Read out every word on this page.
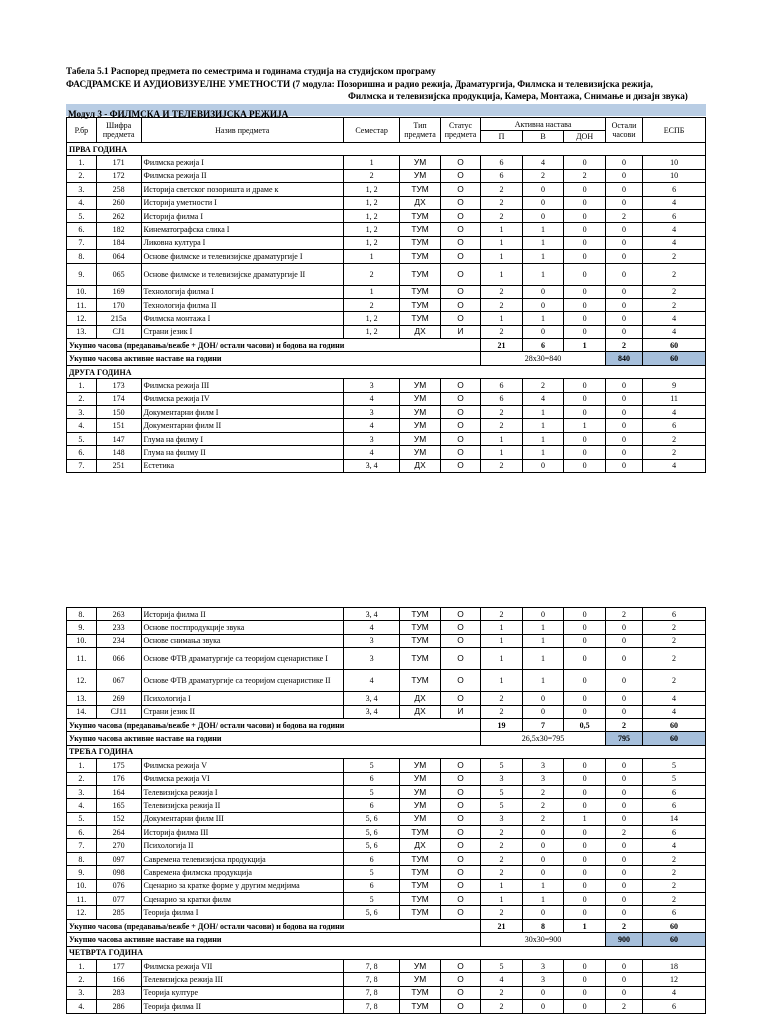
Табела 5.1 Распоред предмета по семестрима и годинама студија на студијском програму
ФАСДРАМСКЕ И АУДИОВИЗУЕЛНЕ УМЕТНОСТИ (7 модула: Позоришна и радио режија, Драматургија, Филмска и телевизијска режија,
Филмска и телевизијска продукција, Камера, Монтажа, Снимање и дизајн звука)
Модул 3 - ФИЛМСКА И ТЕЛЕВИЗИЈСКА РЕЖИЈА
Р.бр	Шифра предмета	Назив предмета	Семестар	Тип предмета	Статус предмета	Активна настава			Остали часови	ЕСПБ
						П	В	ДОН		
ПРВА ГОДИНА										
1.	171	Филмска режија I	1	УМ	О	6	4	0	0	10
2.	172	Филмска режија II	2	УМ	О	6	2	2	0	10
3.	258	Историја светског позоришта и драме к	1, 2	ТУМ	О	2	0	0	0	6
4.	260	Историја уметности I	1, 2	ДХ	О	2	0	0	0	4
5.	262	Историја филма I	1, 2	ТУМ	О	2	0	0	2	6
6.	182	Кинематографска слика I	1, 2	ТУМ	О	1	1	0	0	4
7.	184	Ликовна култура I	1, 2	ТУМ	О	1	1	0	0	4
8.	064	Основе филмске и телевизијске драматургије I	1	ТУМ	О	1	1	0	0	2
9.	065	Основе филмске и телевизијске драматургије II	2	ТУМ	О	1	1	0	0	2
10.	169	Технологија филма I	1	ТУМ	О	2	0	0	0	2
11.	170	Технологија филма II	2	ТУМ	О	2	0	0	0	2
12.	215а	Филмска монтажа I	1, 2	ТУМ	О	1	1	0	0	4
13.	СЈ1	Страни језик I	1, 2	ДХ	И	2	0	0	0	4
Укупно часова (предавања/вежбе + ДОН/ остали часови) и бодова на години						21	6	1	2	60
Укупно часова активне наставе на години						28x30=840			840	60
ДРУГА ГОДИНА										
1.	173	Филмска режија III	3	УМ	О	6	2	0	0	9
2.	174	Филмска режија IV	4	УМ	О	6	4	0	0	11
3.	150	Документарни филм I	3	УМ	О	2	1	0	0	4
4.	151	Документарни филм II	4	УМ	О	2	1	1	0	6
5.	147	Глума на филму I	3	УМ	О	1	1	0	0	2
6.	148	Глума на филму II	4	УМ	О	1	1	0	0	2
7.	251	Естетика	3, 4	ДХ	О	2	0	0	0	4
8.	263	Историја филма II	3, 4	ТУМ	О	2	0	0	2	6
9.	233	Основе постпродукције звука	4	ТУМ	О	1	1	0	0	2
10.	234	Основе снимања звука	3	ТУМ	О	1	1	0	0	2
11.	066	Основе ФТВ драматургије са теоријом сценаристике I	3	ТУМ	О	1	1	0	0	2
12.	067	Основе ФТВ драматургије са теоријом сценаристике II	4	ТУМ	О	1	1	0	0	2
13.	269	Психологија I	3, 4	ДХ	О	2	0	0	0	4
14.	СЈ11	Страни језик II	3, 4	ДХ	И	2	0	0	0	4
Укупно часова (предавања/вежбе + ДОН/ остали часови) и бодова на години						19	7	0,5	2	60
Укупно часова активне наставе на години						26,5x30=795			795	60
ТРЕЋА ГОДИНА										
1.	175	Филмска режија V	5	УМ	О	5	3	0	0	5
2.	176	Филмска режија VI	6	УМ	О	3	3	0	0	5
3.	164	Телевизијска режија I	5	УМ	О	5	2	0	0	6
4.	165	Телевизијска режија II	6	УМ	О	5	2	0	0	6
5.	152	Документарни филм III	5, 6	УМ	О	3	2	1	0	14
6.	264	Историја филма III	5, 6	ТУМ	О	2	0	0	2	6
7.	270	Психологија II	5, 6	ДХ	О	2	0	0	0	4
8.	097	Савремена телевизијска продукција	6	ТУМ	О	2	0	0	0	2
9.	098	Савремена филмска продукција	5	ТУМ	О	2	0	0	0	2
10.	076	Сценарио за кратке форме у другим медијима	6	ТУМ	О	1	1	0	0	2
11.	077	Сценарио за кратки филм	5	ТУМ	О	1	1	0	0	2
12.	285	Теорија филма I	5, 6	ТУМ	О	2	0	0	0	6
Укупно часова (предавања/вежбе + ДОН/ остали часови) и бодова на години						21	8	1	2	60
Укупно часова активне наставе на години						30x30=900			900	60
ЧЕТВРТА ГОДИНА										
1.	177	Филмска режија VII	7, 8	УМ	О	5	3	0	0	18
2.	166	Телевизијска режија III	7, 8	УМ	О	4	3	0	0	12
3.	283	Теорија културе	7, 8	ТУМ	О	2	0	0	0	4
4.	286	Теорија филма II	7, 8	ТУМ	О	2	0	0	2	6
